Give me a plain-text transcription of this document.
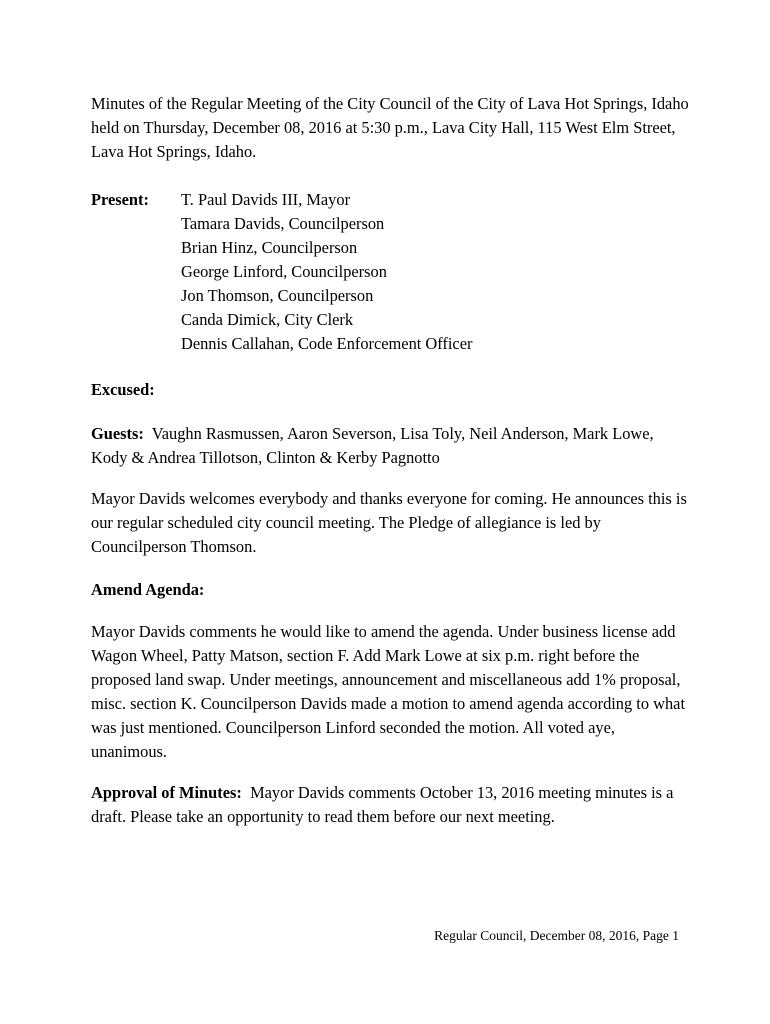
Minutes of the Regular Meeting of the City Council of the City of Lava Hot Springs, Idaho held on Thursday, December 08, 2016 at 5:30 p.m., Lava City Hall, 115 West Elm Street, Lava Hot Springs, Idaho.

Present: T. Paul Davids III, Mayor
Tamara Davids, Councilperson
Brian Hinz, Councilperson
George Linford, Councilperson
Jon Thomson, Councilperson
Canda Dimick, City Clerk
Dennis Callahan, Code Enforcement Officer

Excused:

Guests: Vaughn Rasmussen, Aaron Severson, Lisa Toly, Neil Anderson, Mark Lowe, Kody & Andrea Tillotson, Clinton & Kerby Pagnotto

Mayor Davids welcomes everybody and thanks everyone for coming. He announces this is our regular scheduled city council meeting. The Pledge of allegiance is led by Councilperson Thomson.

Amend Agenda:

Mayor Davids comments he would like to amend the agenda. Under business license add Wagon Wheel, Patty Matson, section F. Add Mark Lowe at six p.m. right before the proposed land swap. Under meetings, announcement and miscellaneous add 1% proposal, misc. section K. Councilperson Davids made a motion to amend agenda according to what was just mentioned. Councilperson Linford seconded the motion. All voted aye, unanimous.

Approval of Minutes: Mayor Davids comments October 13, 2016 meeting minutes is a draft. Please take an opportunity to read them before our next meeting.

Regular Council, December 08, 2016, Page 1
